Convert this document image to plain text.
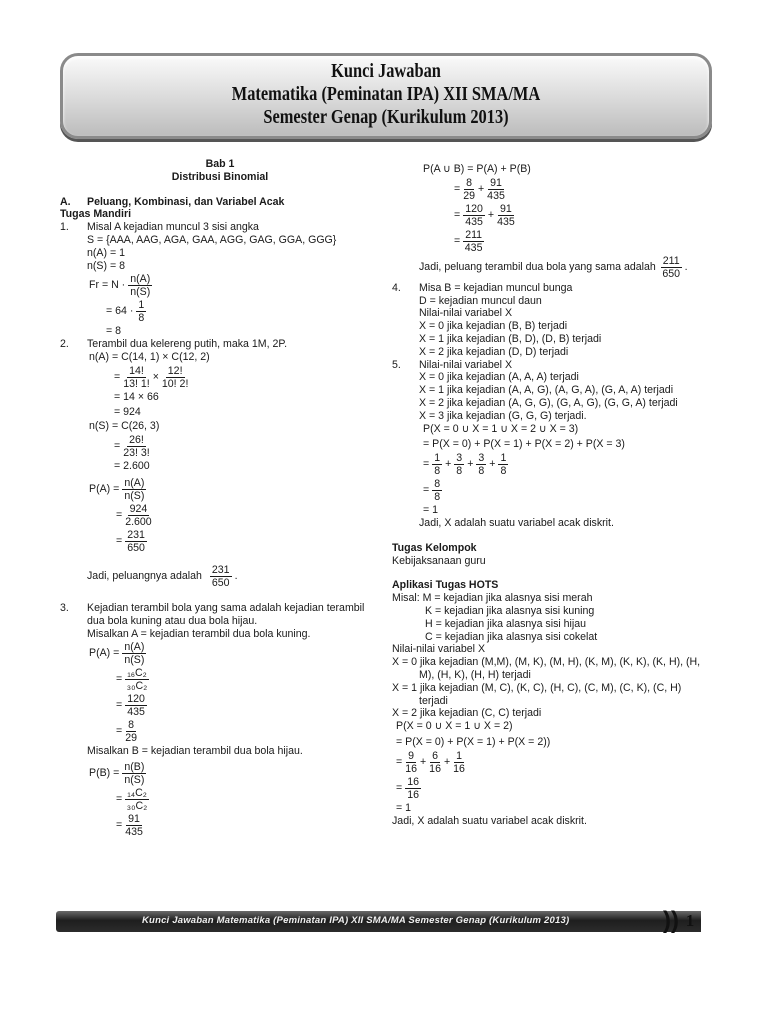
Kunci Jawaban
Matematika (Peminatan IPA) XII SMA/MA
Semester Genap (Kurikulum 2013)
Bab 1
Distribusi Binomial
A. Peluang, Kombinasi, dan Variabel Acak
Tugas Mandiri
1.	Misal A kejadian muncul 3 sisi angka
S = {AAA, AAG, AGA, GAA, AGG, GAG, GGA, GGG}
n(A) = 1
n(S) = 8
Fr = N ·
n(A)
n(S)
= 64 ·
1
8
= 8
2.	Terambil dua kelereng putih, maka 1M, 2P.
n(A) = C(14, 1) × C(12, 2)
= $\frac{14!}{13! 1!} \times \frac{12!}{10! 2!}$
= 14 × 66
= 924
n(S) = C(26, 3)
= $\frac{26!}{23! 3!}$
= 2.600
$P(A) = \frac{n(A)}{n(S)}$
= $\frac{924}{2.600}$
= $\frac{231}{650}$
Jadi, peluangnya adalah
231
650
.
3.	Kejadian terambil bola yang sama adalah kejadian terambil
dua bola kuning atau dua bola hijau.
Misalkan A = kejadian terambil dua bola kuning.
$P(A) = \frac{n(A)}{n(S)}$
= $\frac{\text{₁₆C₂}}{\text{₃₀C₂}}$
= $\frac{120}{435}$
= $\frac{8}{29}$
Misalkan B = kejadian terambil dua bola hijau.
$P(B) = \frac{n(B)}{n(S)}$
= $\frac{\text{₁₄C₂}}{\text{₃₀C₂}}$
= $\frac{91}{435}$
P(A ∪ B) = P(A) + P(B)
= $\frac{8}{29} + \frac{91}{435}$
= $\frac{120}{435} + \frac{91}{435}$
= $\frac{211}{435}$
Jadi, peluang terambil dua bola yang sama adalah
211
650
.
4.	Misa B = kejadian muncul bunga
D = kejadian muncul daun
Nilai-nilai variabel X
X = 0 jika kejadian (B, B) terjadi
X = 1 jika kejadian (B, D), (D, B) terjadi
X = 2 jika kejadian (D, D) terjadi
5.	Nilai-nilai variabel X
X = 0 jika kejadian (A, A, A) terjadi
X = 1 jika kejadian (A, A, G), (A, G, A), (G, A, A) terjadi
X = 2 jika kejadian (A, G, G), (G, A, G), (G, G, A) terjadi
X = 3 jika kejadian (G, G, G) terjadi.
P(X = 0 ∪ X = 1 ∪ X = 2 ∪ X = 3)
= P(X = 0) + P(X = 1) + P(X = 2) + P(X = 3)
= $\frac{1}{8} + \frac{3}{8} + \frac{3}{8} + \frac{1}{8}$
= $\frac{8}{8}$
= 1
Jadi, X adalah suatu variabel acak diskrit.
Tugas Kelompok
Kebijaksanaan guru
Aplikasi Tugas HOTS
Misal: M = kejadian jika alasnya sisi merah
K = kejadian jika alasnya sisi kuning
H = kejadian jika alasnya sisi hijau
C = kejadian jika alasnya sisi cokelat
Nilai-nilai variabel X
X = 0 jika kejadian (M,M), (M, K), (M, H), (K, M), (K, K), (K, H), (H,
M), (H, K), (H, H) terjadi
X = 1 jika kejadian (M, C), (K, C), (H, C), (C, M), (C, K), (C, H)
terjadi
X = 2 jika kejadian (C, C) terjadi
P(X = 0 ∪ X = 1 ∪ X = 2)
= P(X = 0) + P(X = 1) + P(X = 2))
= $\frac{9}{16} + \frac{6}{16} + \frac{1}{16}$
= $\frac{16}{16}$
= 1
Jadi, X adalah suatu variabel acak diskrit.
Kunci Jawaban Matematika (Peminatan IPA) XII SMA/MA Semester Genap (Kurikulum 2013)	)) 1
